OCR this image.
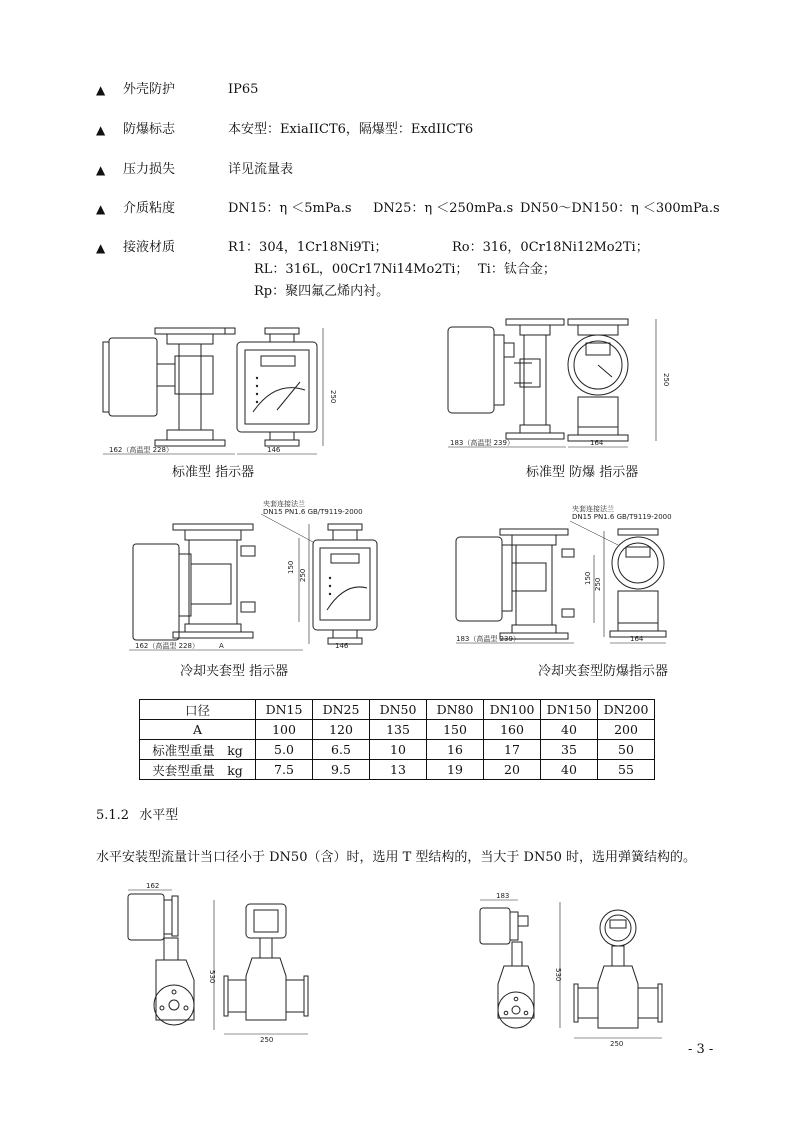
▲ 外壳防护	IP65
▲ 防爆标志	本安型：ExiaIICT6，隔爆型：ExdIICT6
▲ 压力损失	详见流量表
▲ 介质粘度	DN15：η ＜5mPa.s DN25：η ＜250mPa.s DN50～DN150：η ＜300mPa.s
▲ 接液材质	R1：304，1Cr18Ni9Ti；	Ro：316，0Cr18Ni12Mo2Ti；
RL：316L，00Cr17Ni14Mo2Ti； Ti：钛合金；
Rp：聚四氟乙烯内衬。
250
162（高温型 228）	146
标准型 指示器
250
183（高温型 239）	164
标准型 防爆 指示器
夹套连接法兰
DN15 PN1.6 GB/T9119-2000
150
250
162（高温型 228）	A	146
冷却夹套型 指示器
夹套连接法兰
DN15 PN1.6 GB/T9119-2000
150 250
183（高温型 239）	164
冷却夹套型防爆指示器
口径	DN15	DN25	DN50	DN80	DN100	DN150	DN200
A	100	120	135	150	160	40	200
标准型重量　kg	5.0	6.5	10	16	17	35	50
夹套型重量　kg	7.5	9.5	13	19	20	40	55
5.1.2 水平型
水平安装型流量计当口径小于 DN50（含）时，选用 T 型结构的，当大于 DN50 时，选用弹簧结构的。
162
530
250
183
530
250	- 3 -
